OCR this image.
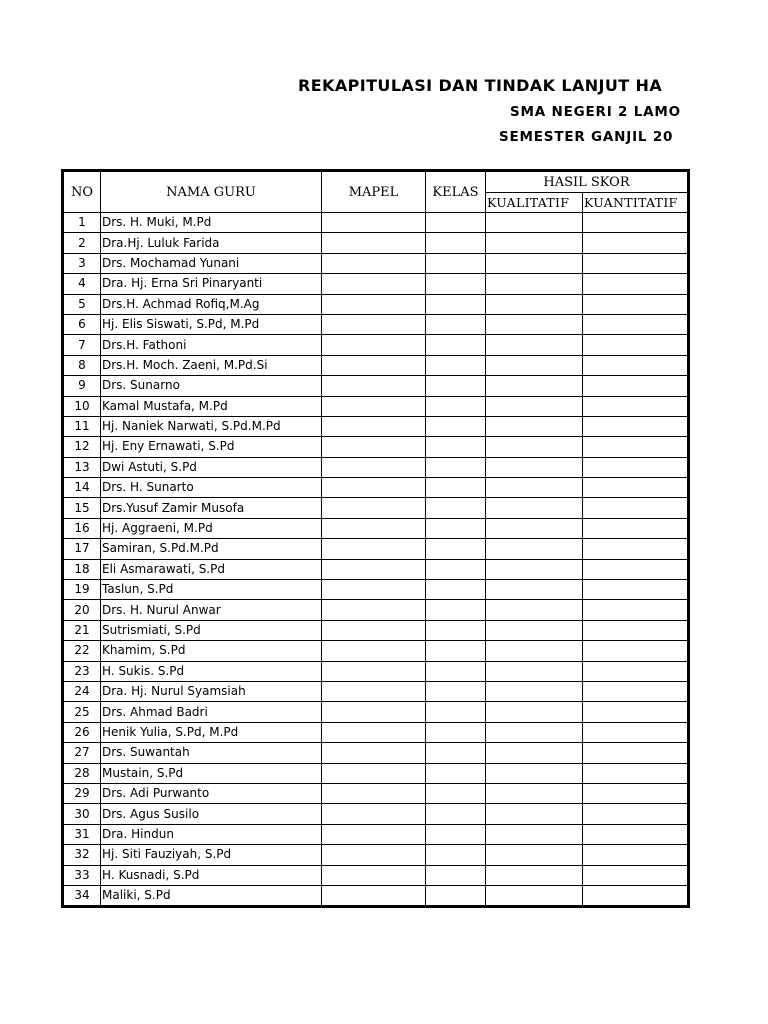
REKAPITULASI DAN TINDAK LANJUT HA
SMA NEGERI 2 LAMO
SEMESTER GANJIL 20
NO	NAMA GURU	MAPEL	KELAS	HASIL SKOR	
				KUALITATIF	KUANTITATIF
1	Drs. H. Muki, M.Pd				
2	Dra.Hj. Luluk Farida				
3	Drs. Mochamad Yunani				
4	Dra. Hj. Erna Sri Pinaryanti				
5	Drs.H. Achmad Rofiq,M.Ag				
6	Hj. Elis Siswati, S.Pd, M.Pd				
7	Drs.H. Fathoni				
8	Drs.H. Moch. Zaeni, M.Pd.Si				
9	Drs. Sunarno				
10	Kamal Mustafa, M.Pd				
11	Hj. Naniek Narwati, S.Pd.M.Pd				
12	Hj. Eny Ernawati, S.Pd				
13	Dwi Astuti, S.Pd				
14	Drs. H. Sunarto				
15	Drs.Yusuf Zamir Musofa				
16	Hj. Aggraeni, M.Pd				
17	Samiran, S.Pd.M.Pd				
18	Eli Asmarawati, S.Pd				
19	Taslun, S.Pd				
20	Drs. H. Nurul Anwar				
21	Sutrismiati, S.Pd				
22	Khamim, S.Pd				
23	H. Sukis. S.Pd				
24	Dra. Hj. Nurul Syamsiah				
25	Drs. Ahmad Badri				
26	Henik Yulia, S.Pd, M.Pd				
27	Drs. Suwantah				
28	Mustain, S.Pd				
29	Drs. Adi Purwanto				
30	Drs. Agus Susilo				
31	Dra. Hindun				
32	Hj. Siti Fauziyah, S.Pd				
33	H. Kusnadi, S.Pd				
34	Maliki, S.Pd				
